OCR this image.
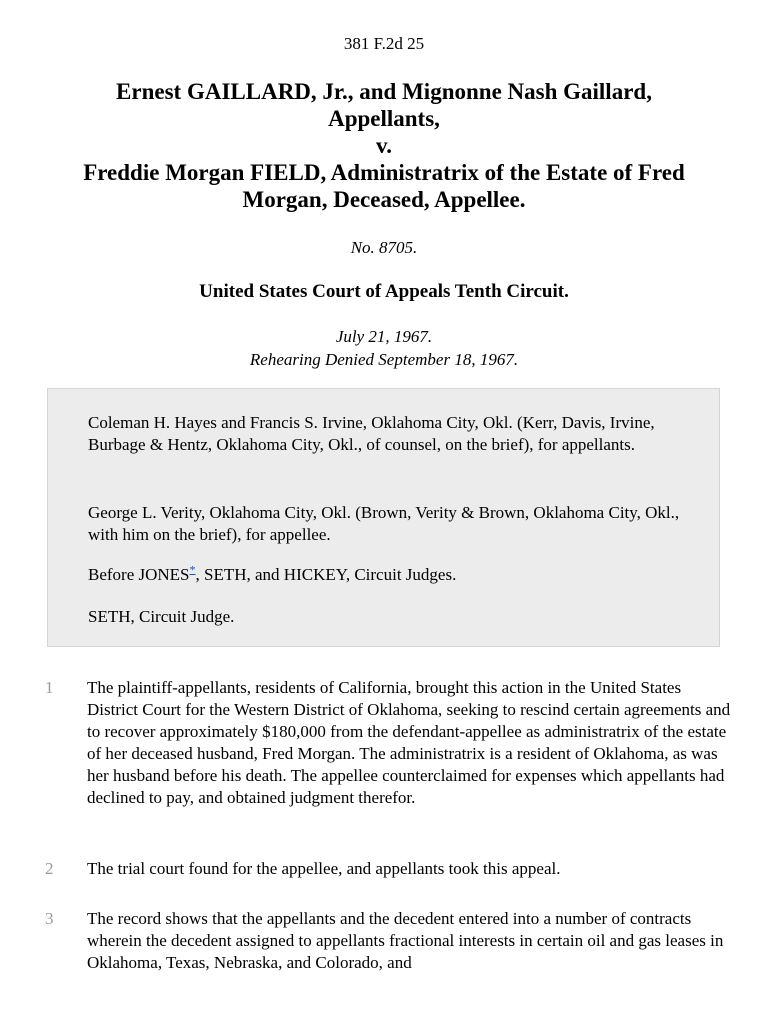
381 F.2d 25
Ernest GAILLARD, Jr., and Mignonne Nash Gaillard,
Appellants,
v.
Freddie Morgan FIELD, Administratrix of the Estate of Fred
Morgan, Deceased, Appellee.
No. 8705.
United States Court of Appeals Tenth Circuit.
July 21, 1967.
Rehearing Denied September 18, 1967.

Coleman H. Hayes and Francis S. Irvine, Oklahoma City, Okl. (Kerr, Davis, Irvine, Burbage & Hentz, Oklahoma City, Okl., of counsel, on the brief), for appellants.

George L. Verity, Oklahoma City, Okl. (Brown, Verity & Brown, Oklahoma City, Okl., with him on the brief), for appellee.

Before JONES*, SETH, and HICKEY, Circuit Judges.

SETH, Circuit Judge.

1 The plaintiff-appellants, residents of California, brought this action in the United States District Court for the Western District of Oklahoma, seeking to rescind certain agreements and to recover approximately $180,000 from the defendant-appellee as administratrix of the estate of her deceased husband, Fred Morgan. The administratrix is a resident of Oklahoma, as was her husband before his death. The appellee counterclaimed for expenses which appellants had declined to pay, and obtained judgment therefor.
2 The trial court found for the appellee, and appellants took this appeal.
3 The record shows that the appellants and the decedent entered into a number of contracts wherein the decedent assigned to appellants fractional interests in certain oil and gas leases in Oklahoma, Texas, Nebraska, and Colorado, and
